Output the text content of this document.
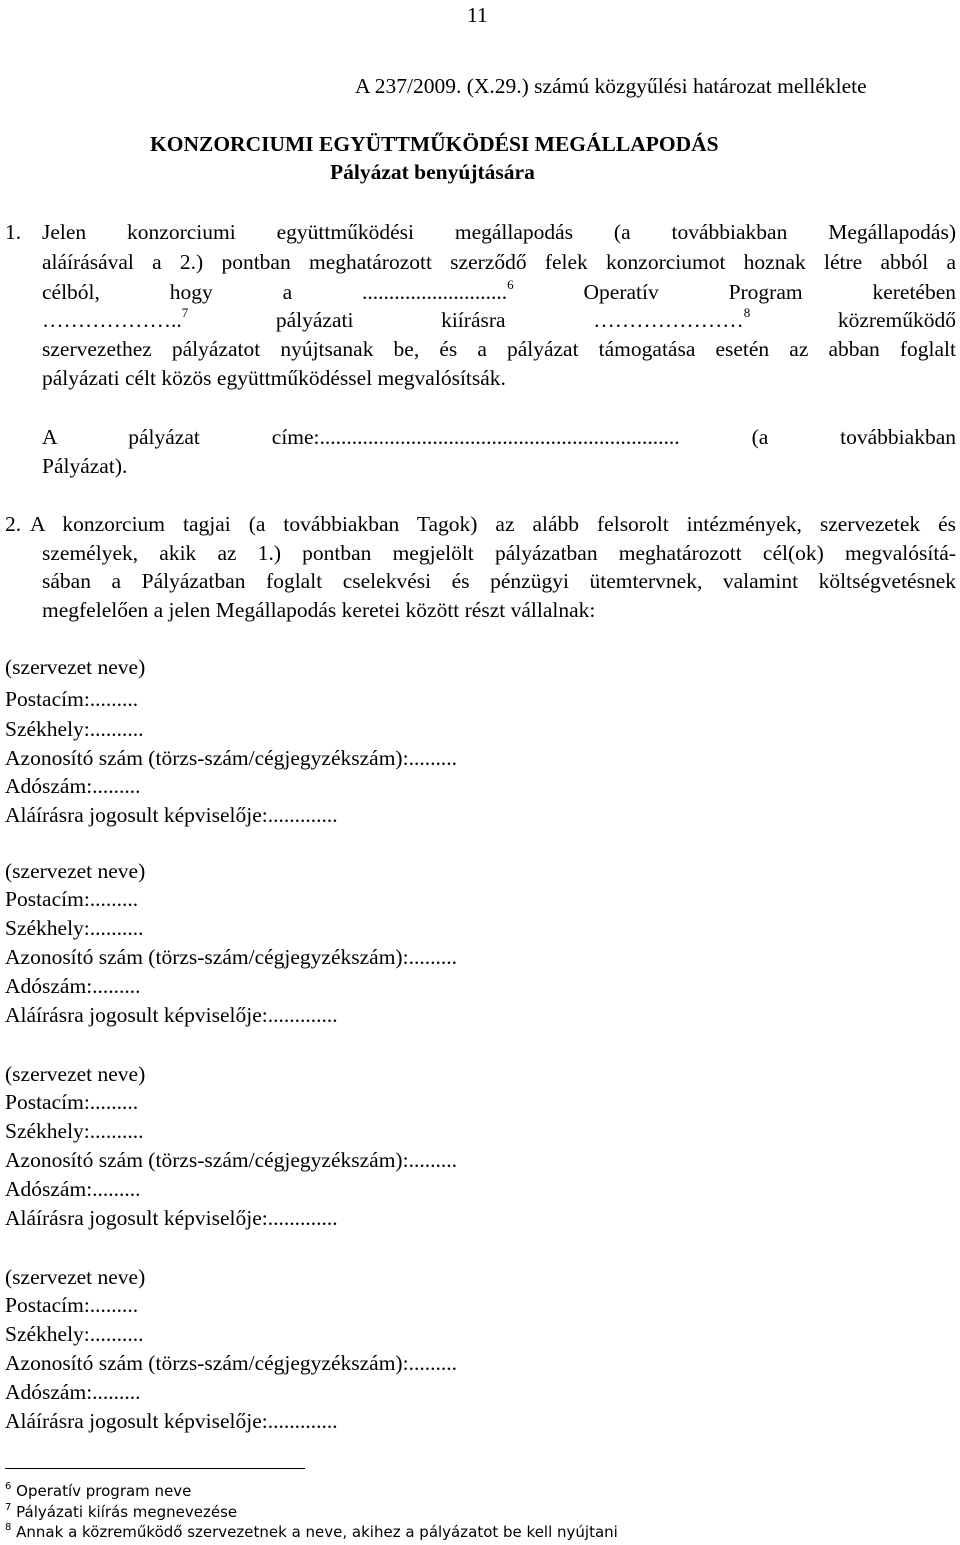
11
A 237/2009. (X.29.) számú közgyűlési határozat melléklete
KONZORCIUMI EGYÜTTMŰKÖDÉSI MEGÁLLAPODÁS
Pályázat benyújtására
1. Jelen konzorciumi együttműködési megállapodás (a továbbiakban Megállapodás)
aláírásával a 2.) pontban meghatározott szerződő felek konzorciumot hoznak létre abból a
célból, hogy a	...........................$^6$	Operatív Program keretében
………………..$^7$	pályázati kiírásra	…………………$^8$	közreműködő
szervezethez pályázatot nyújtsanak be, és a pályázat támogatása esetén az abban foglalt
pályázati célt közös együttműködéssel megvalósítsák.
A pályázat címe:...................................................................	(a továbbiakban
Pályázat).
2. A konzorcium tagjai (a továbbiakban Tagok) az alább felsorolt intézmények, szervezetek és
személyek, akik az 1.) pontban megjelölt pályázatban meghatározott cél(ok) megvalósítá-
sában a Pályázatban foglalt cselekvési és pénzügyi ütemtervnek, valamint költségvetésnek
megfelelően a jelen Megállapodás keretei között részt vállalnak:
(szervezet neve)
Postacím:.........
Székhely:..........
Azonosító szám (törzs-szám/cégjegyzékszám):.........
Adószám:.........
Aláírásra jogosult képviselője:.............
(szervezet neve)
Postacím:.........
Székhely:..........
Azonosító szám (törzs-szám/cégjegyzékszám):.........
Adószám:.........
Aláírásra jogosult képviselője:.............
(szervezet neve)
Postacím:.........
Székhely:..........
Azonosító szám (törzs-szám/cégjegyzékszám):.........
Adószám:.........
Aláírásra jogosult képviselője:.............
(szervezet neve)
Postacím:.........
Székhely:..........
Azonosító szám (törzs-szám/cégjegyzékszám):.........
Adószám:.........
Aláírásra jogosult képviselője:.............
$^6$ Operatív program neve
$^7$ Pályázati kiírás megnevezése
$^8$ Annak a közreműködő szervezetnek a neve, akihez a pályázatot be kell nyújtani
